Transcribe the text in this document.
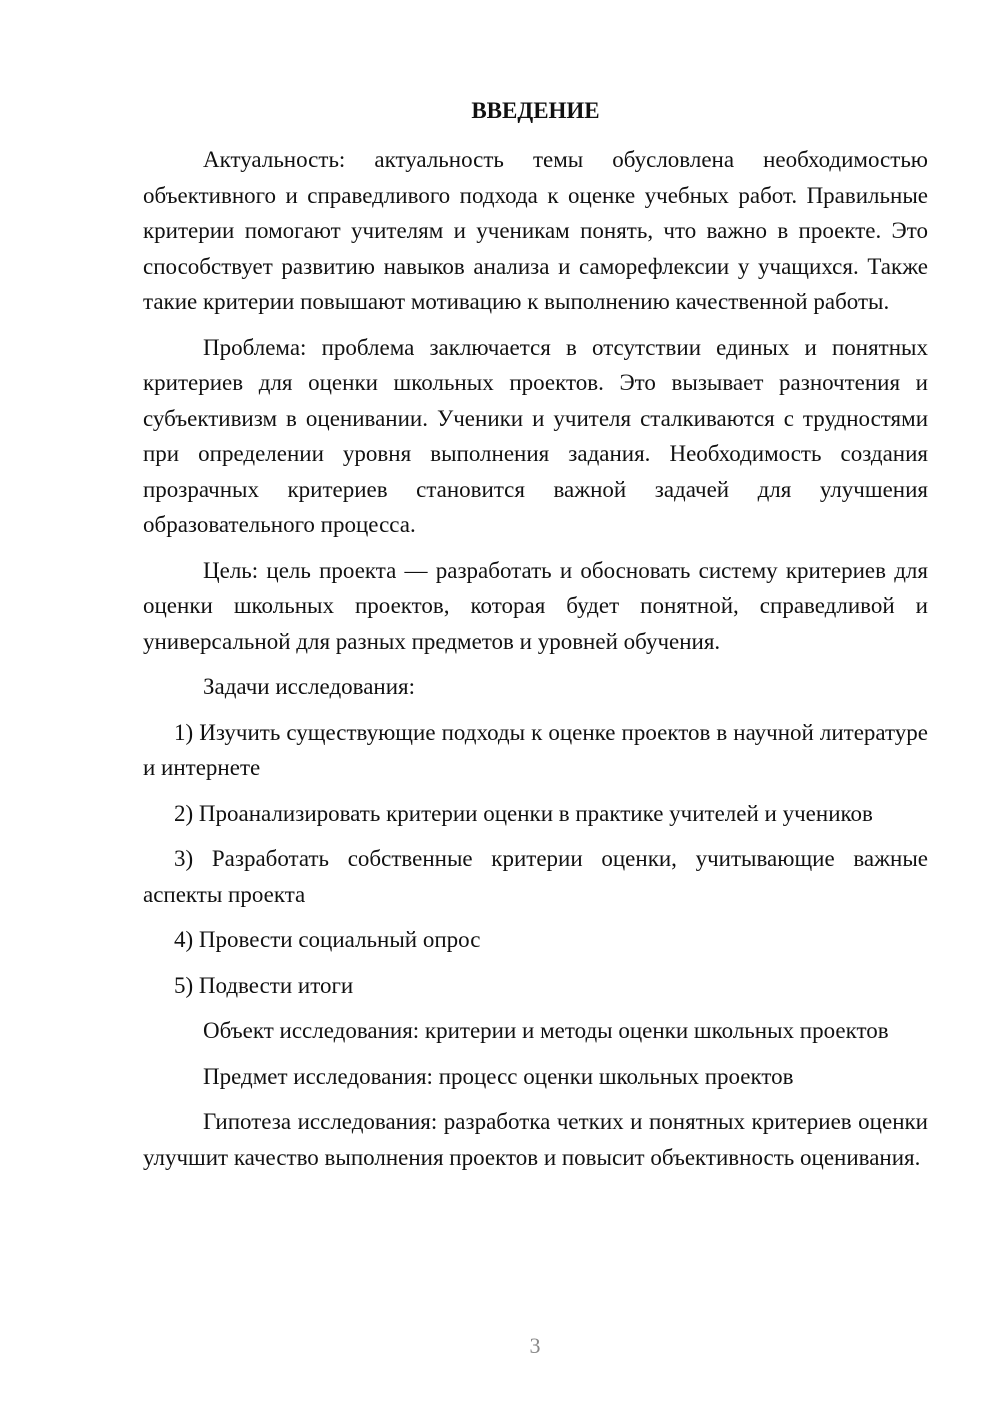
ВВЕДЕНИЕ

Актуальность: актуальность темы обусловлена необходимостью объективного и справедливого подхода к оценке учебных работ. Правильные критерии помогают учителям и ученикам понять, что важно в проекте. Это способствует развитию навыков анализа и саморефлексии у учащихся. Также такие критерии повышают мотивацию к выполнению качественной работы.

Проблема: проблема заключается в отсутствии единых и понятных критериев для оценки школьных проектов. Это вызывает разночтения и субъективизм в оценивании. Ученики и учителя сталкиваются с трудностями при определении уровня выполнения задания. Необходимость создания прозрачных критериев становится важной задачей для улучшения образовательного процесса.

Цель: цель проекта — разработать и обосновать систему критериев для оценки школьных проектов, которая будет понятной, справедливой и универсальной для разных предметов и уровней обучения.

Задачи исследования:

1) Изучить существующие подходы к оценке проектов в научной литературе и интернете

2) Проанализировать критерии оценки в практике учителей и учеников

3) Разработать собственные критерии оценки, учитывающие важные аспекты проекта

4) Провести социальный опрос

5) Подвести итоги

Объект исследования: критерии и методы оценки школьных проектов

Предмет исследования: процесс оценки школьных проектов

Гипотеза исследования: разработка четких и понятных критериев оценки улучшит качество выполнения проектов и повысит объективность оценивания.

3
